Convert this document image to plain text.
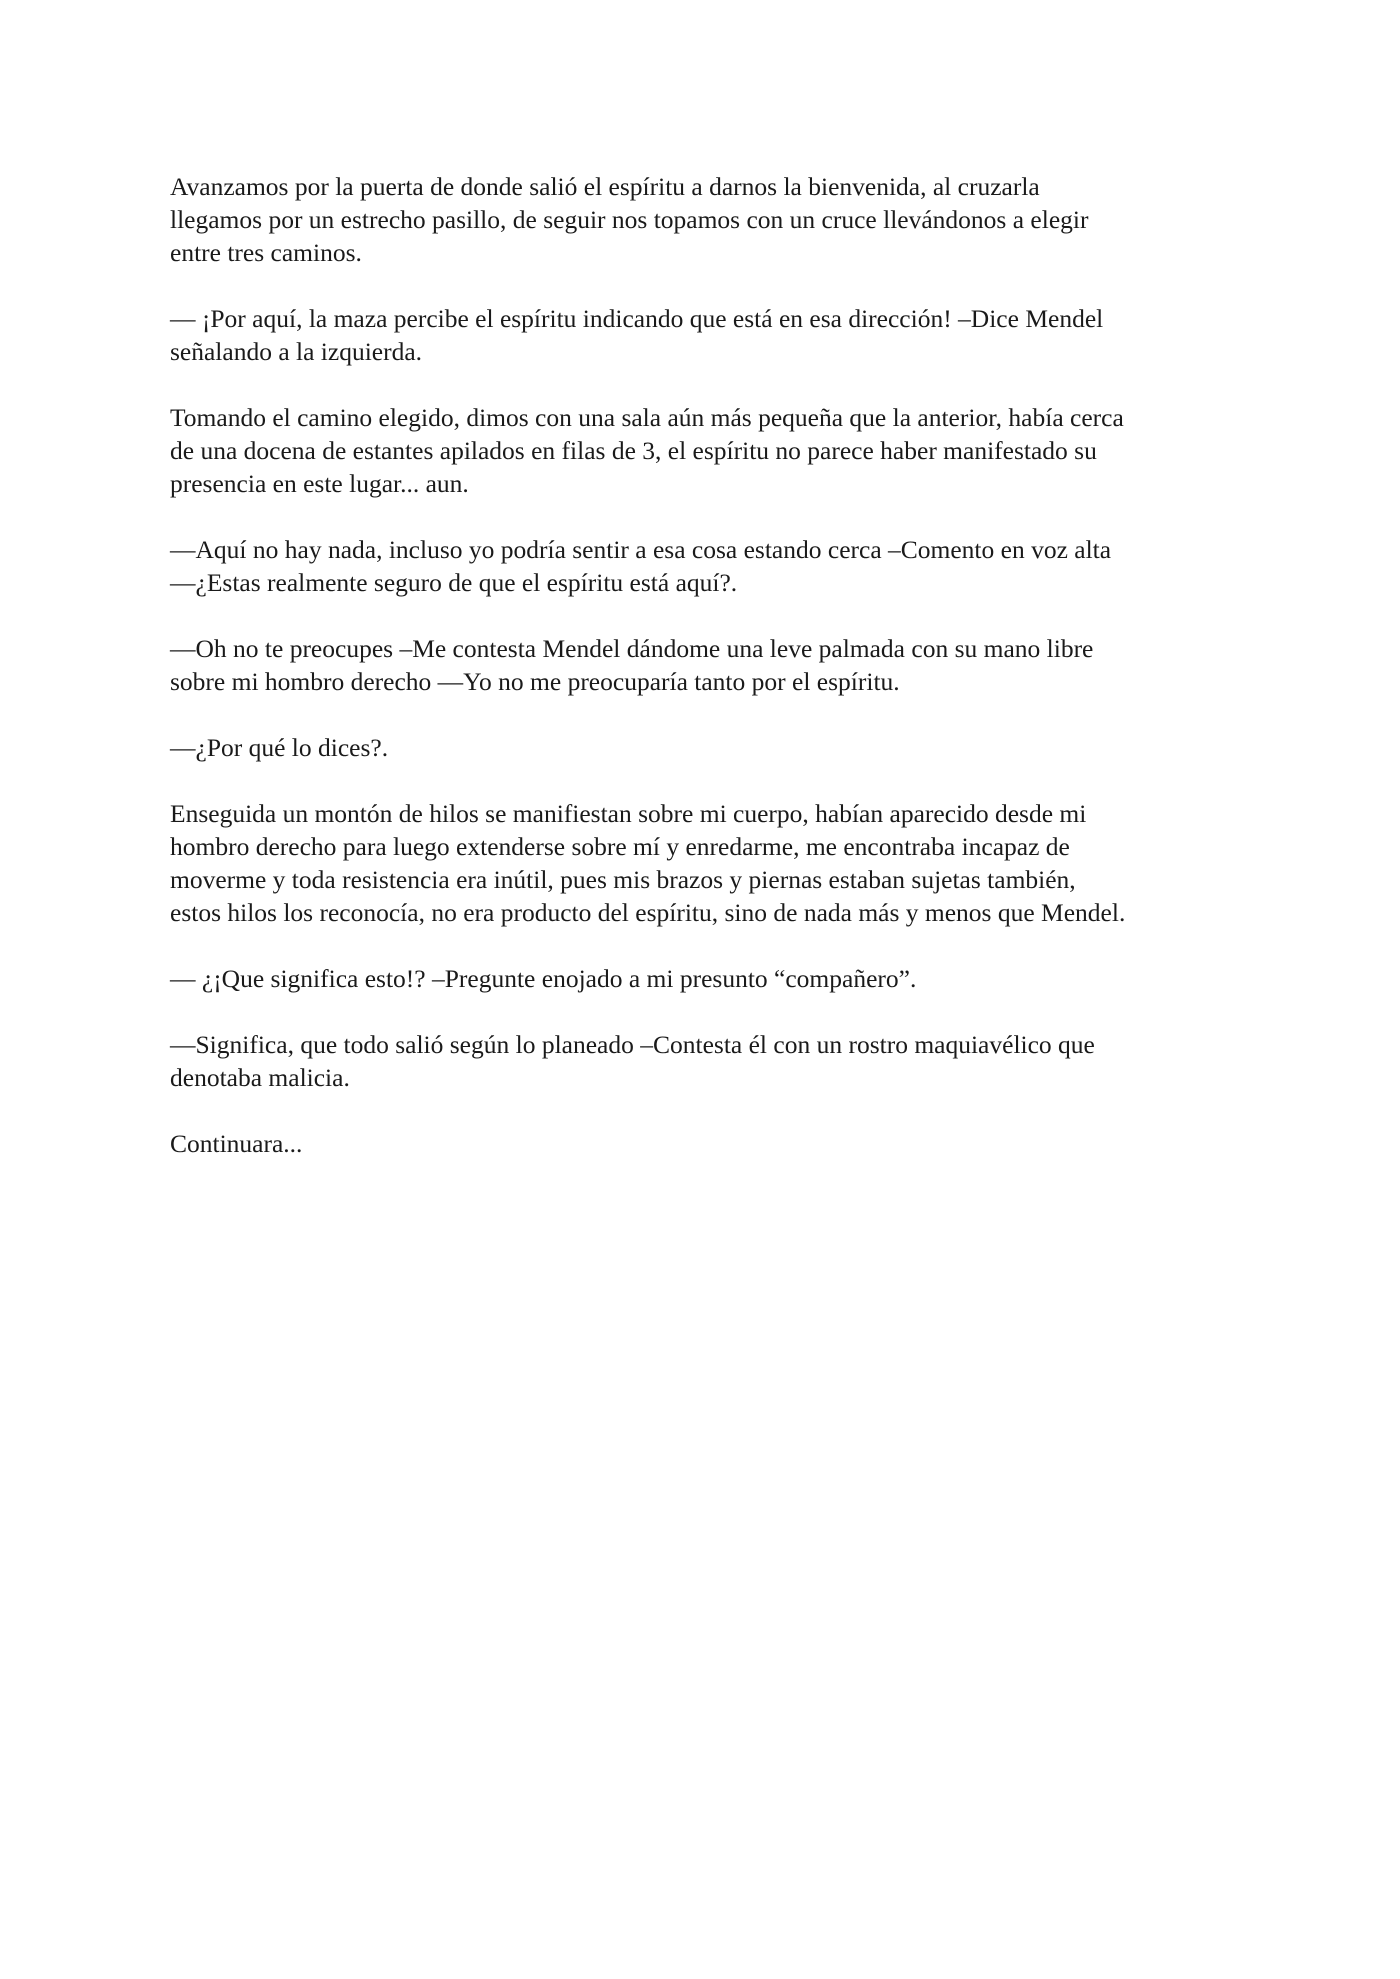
Avanzamos por la puerta de donde salió el espíritu a darnos la bienvenida, al cruzarla
llegamos por un estrecho pasillo, de seguir nos topamos con un cruce llevándonos a elegir
entre tres caminos.

— ¡Por aquí, la maza percibe el espíritu indicando que está en esa dirección! –Dice Mendel
señalando a la izquierda.

Tomando el camino elegido, dimos con una sala aún más pequeña que la anterior, había cerca
de una docena de estantes apilados en filas de 3, el espíritu no parece haber manifestado su
presencia en este lugar... aun.

—Aquí no hay nada, incluso yo podría sentir a esa cosa estando cerca –Comento en voz alta
—¿Estas realmente seguro de que el espíritu está aquí?.

—Oh no te preocupes –Me contesta Mendel dándome una leve palmada con su mano libre
sobre mi hombro derecho —Yo no me preocuparía tanto por el espíritu.

—¿Por qué lo dices?.

Enseguida un montón de hilos se manifiestan sobre mi cuerpo, habían aparecido desde mi
hombro derecho para luego extenderse sobre mí y enredarme, me encontraba incapaz de
moverme y toda resistencia era inútil, pues mis brazos y piernas estaban sujetas también,
estos hilos los reconocía, no era producto del espíritu, sino de nada más y menos que Mendel.

— ¿¡Que significa esto!? –Pregunte enojado a mi presunto “compañero”.

—Significa, que todo salió según lo planeado –Contesta él con un rostro maquiavélico que
denotaba malicia.

Continuara...
